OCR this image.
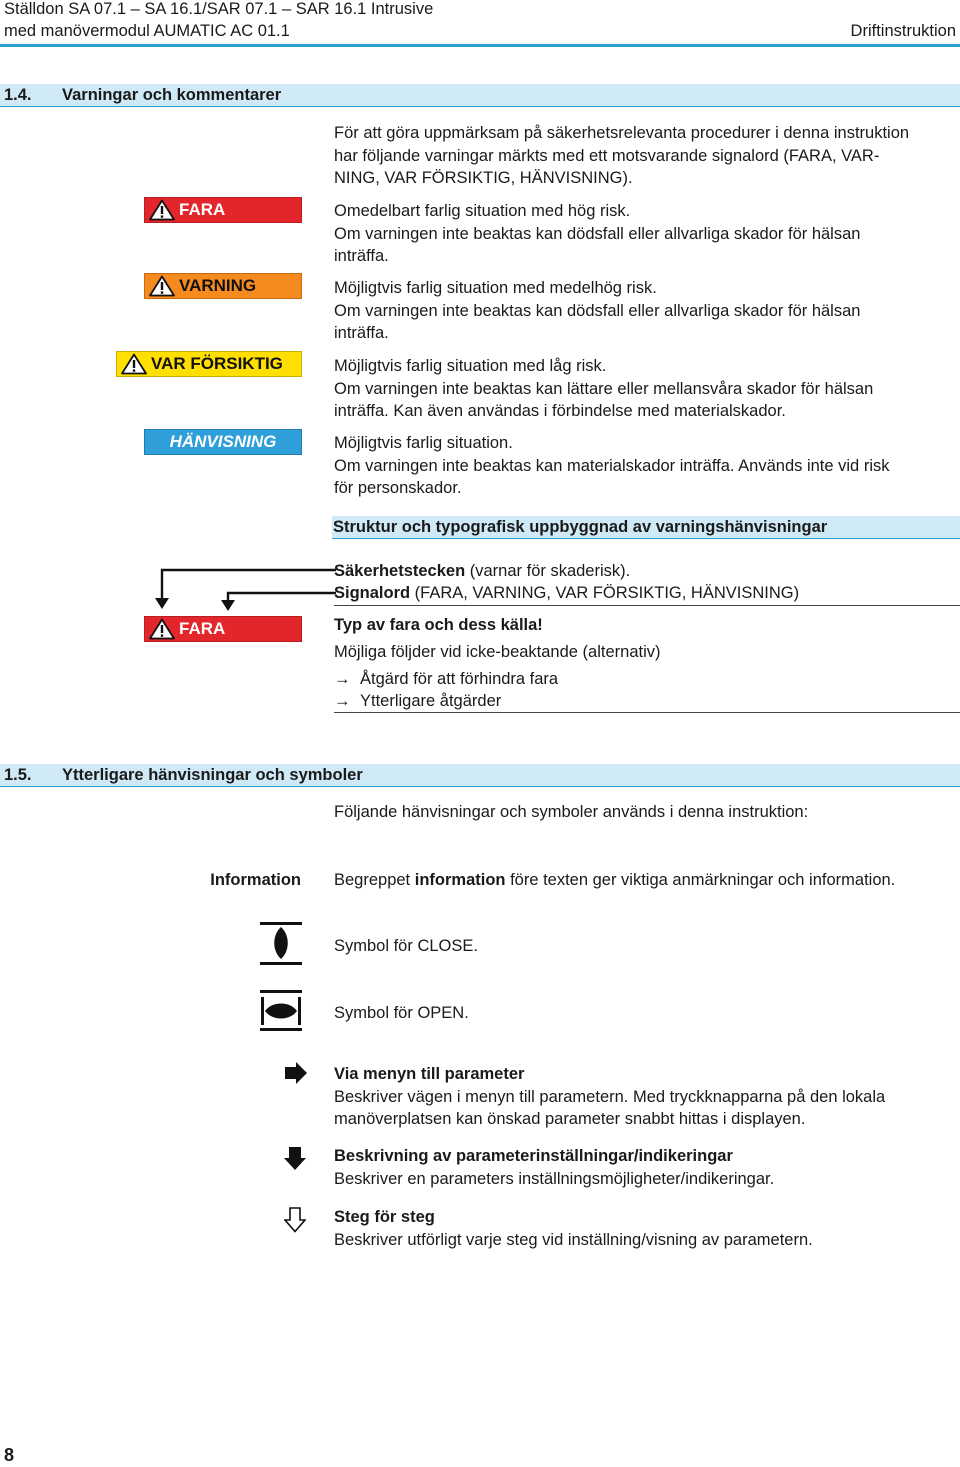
Ställdon SA 07.1 – SA 16.1/SAR 07.1 – SAR 16.1 Intrusive
med manövermodul AUMATIC AC 01.1	Driftinstruktion
1.4. Varningar och kommentarer
För att göra uppmärksam på säkerhetsrelevanta procedurer i denna instruktion
har följande varningar märkts med ett motsvarande signalord (FARA, VAR-
NING, VAR FÖRSIKTIG, HÄNVISNING).
FARA	Omedelbart farlig situation med hög risk.
Om varningen inte beaktas kan dödsfall eller allvarliga skador för hälsan
inträffa.
VARNING	Möjligtvis farlig situation med medelhög risk.
Om varningen inte beaktas kan dödsfall eller allvarliga skador för hälsan
inträffa.
VAR FÖRSIKTIG	Möjligtvis farlig situation med låg risk.
Om varningen inte beaktas kan lättare eller mellansvåra skador för hälsan
inträffa. Kan även användas i förbindelse med materialskador.
HÄNVISNING	Möjligtvis farlig situation.
Om varningen inte beaktas kan materialskador inträffa. Används inte vid risk
för personskador.
Struktur och typografisk uppbyggnad av varningshänvisningar
FARA
Säkerhetstecken (varnar för skaderisk).
Signalord (FARA, VARNING, VAR FÖRSIKTIG, HÄNVISNING)
Typ av fara och dess källa!
Möjliga följder vid icke-beaktande (alternativ)
→ Åtgärd för att förhindra fara
→ Ytterligare åtgärder
1.5. Ytterligare hänvisningar och symboler
Följande hänvisningar och symboler används i denna instruktion:
Information Begreppet information före texten ger viktiga anmärkningar och information.
Symbol för CLOSE.
Symbol för OPEN.
Via menyn till parameter
Beskriver vägen i menyn till parametern. Med tryckknapparna på den lokala
manöverplatsen kan önskad parameter snabbt hittas i displayen.
Beskrivning av parameterinställningar/indikeringar
Beskriver en parameters inställningsmöjligheter/indikeringar.
Steg för steg
Beskriver utförligt varje steg vid inställning/visning av parametern.
8
